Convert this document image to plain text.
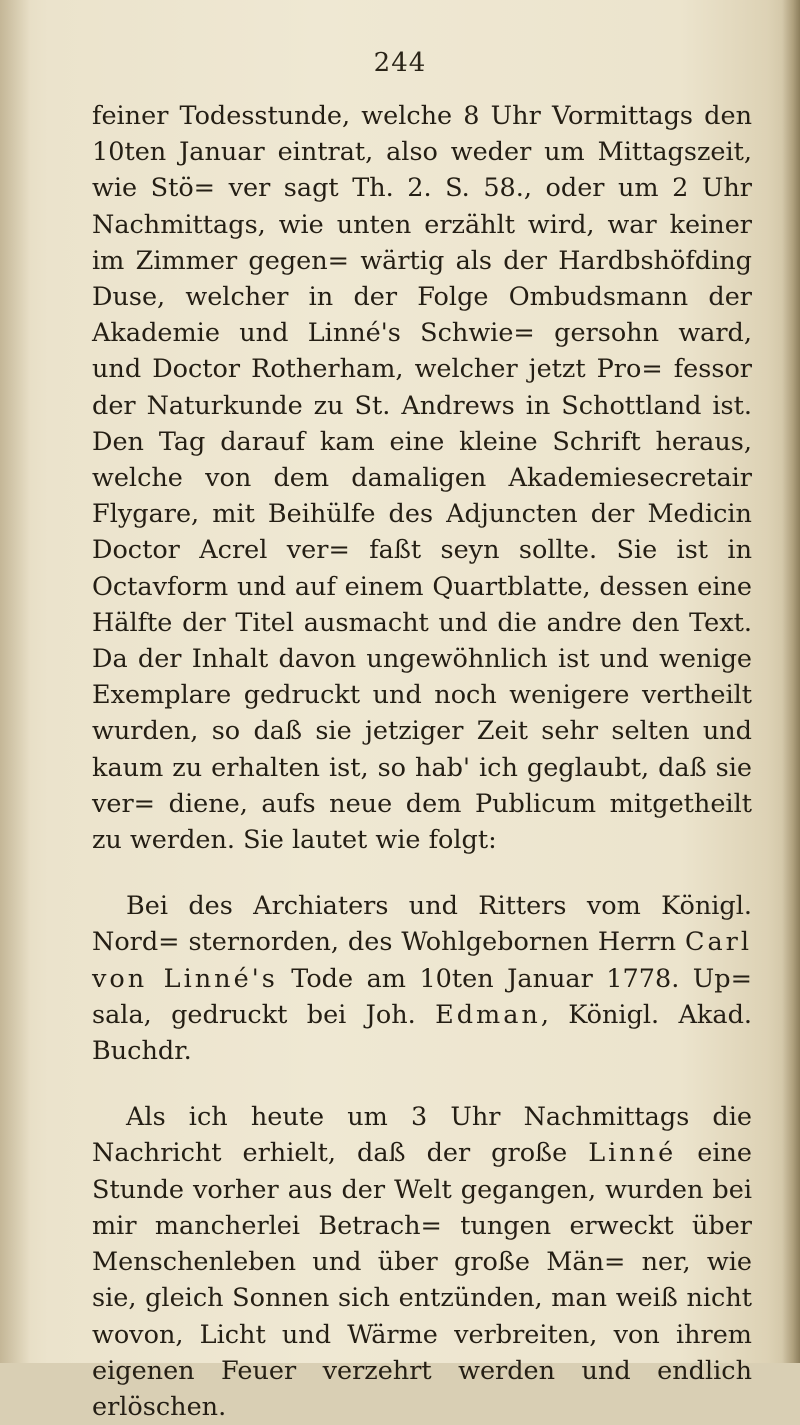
244

feiner Todesstunde, welche 8 Uhr Vormittags den 10ten Januar eintrat, also weder um Mittagszeit, wie Stö= ver sagt Th. 2. S. 58., oder um 2 Uhr Nachmittags, wie unten erzählt wird, war keiner im Zimmer gegen= wärtig als der Hardbshöfding Duse, welcher in der Folge Ombudsmann der Akademie und Linné's Schwie= gersohn ward, und Doctor Rotherham, welcher jetzt Pro= fessor der Naturkunde zu St. Andrews in Schottland ist. Den Tag darauf kam eine kleine Schrift heraus, welche von dem damaligen Akademiesecretair Flygare, mit Beihülfe des Adjuncten der Medicin Doctor Acrel ver= faßt seyn sollte. Sie ist in Octavform und auf einem Quartblatte, dessen eine Hälfte der Titel ausmacht und die andre den Text. Da der Inhalt davon ungewöhnlich ist und wenige Exemplare gedruckt und noch wenigere vertheilt wurden, so daß sie jetziger Zeit sehr selten und kaum zu erhalten ist, so hab' ich geglaubt, daß sie ver= diene, aufs neue dem Publicum mitgetheilt zu werden. Sie lautet wie folgt:

Bei des Archiaters und Ritters vom Königl. Nord= sternorden, des Wohlgebornen Herrn Carl von Linné's Tode am 10ten Januar 1778. Up= sala, gedruckt bei Joh. Edman, Königl. Akad. Buchdr.

Als ich heute um 3 Uhr Nachmittags die Nachricht erhielt, daß der große Linné eine Stunde vorher aus der Welt gegangen, wurden bei mir mancherlei Betrach= tungen erweckt über Menschenleben und über große Män= ner, wie sie, gleich Sonnen sich entzünden, man weiß nicht wovon, Licht und Wärme verbreiten, von ihrem eigenen Feuer verzehrt werden und endlich erlöschen.
